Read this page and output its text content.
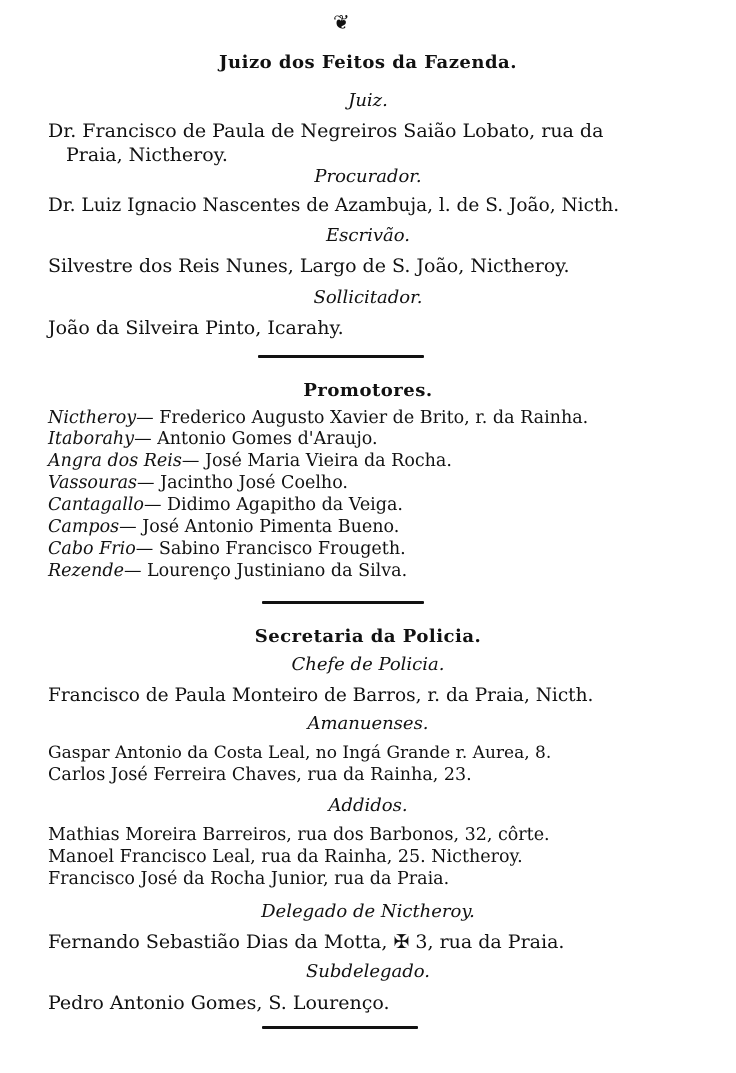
❦
Juizo dos Feitos da Fazenda.
Juiz.
Dr. Francisco de Paula de Negreiros Saião Lobato, rua da
Praia, Nictheroy.
Procurador.
Dr. Luiz Ignacio Nascentes de Azambuja, l. de S. João, Nicth.
Escrivão.
Silvestre dos Reis Nunes, Largo de S. João, Nictheroy.
Sollicitador.
João da Silveira Pinto, Icarahy.
Promotores.
Nictheroy— Frederico Augusto Xavier de Brito, r. da Rainha.
Itaborahy— Antonio Gomes d'Araujo.
Angra dos Reis— José Maria Vieira da Rocha.
Vassouras— Jacintho José Coelho.
Cantagallo— Didimo Agapitho da Veiga.
Campos— José Antonio Pimenta Bueno.
Cabo Frio— Sabino Francisco Frougeth.
Rezende— Lourenço Justiniano da Silva.
Secretaria da Policia.
Chefe de Policia.
Francisco de Paula Monteiro de Barros, r. da Praia, Nicth.
Amanuenses.
Gaspar Antonio da Costa Leal, no Ingá Grande r. Aurea, 8.
Carlos José Ferreira Chaves, rua da Rainha, 23.
Addidos.
Mathias Moreira Barreiros, rua dos Barbonos, 32, côrte.
Manoel Francisco Leal, rua da Rainha, 25. Nictheroy.
Francisco José da Rocha Junior, rua da Praia.
Delegado de Nictheroy.
Fernando Sebastião Dias da Motta, ✠ 3, rua da Praia.
Subdelegado.
Pedro Antonio Gomes, S. Lourenço.
